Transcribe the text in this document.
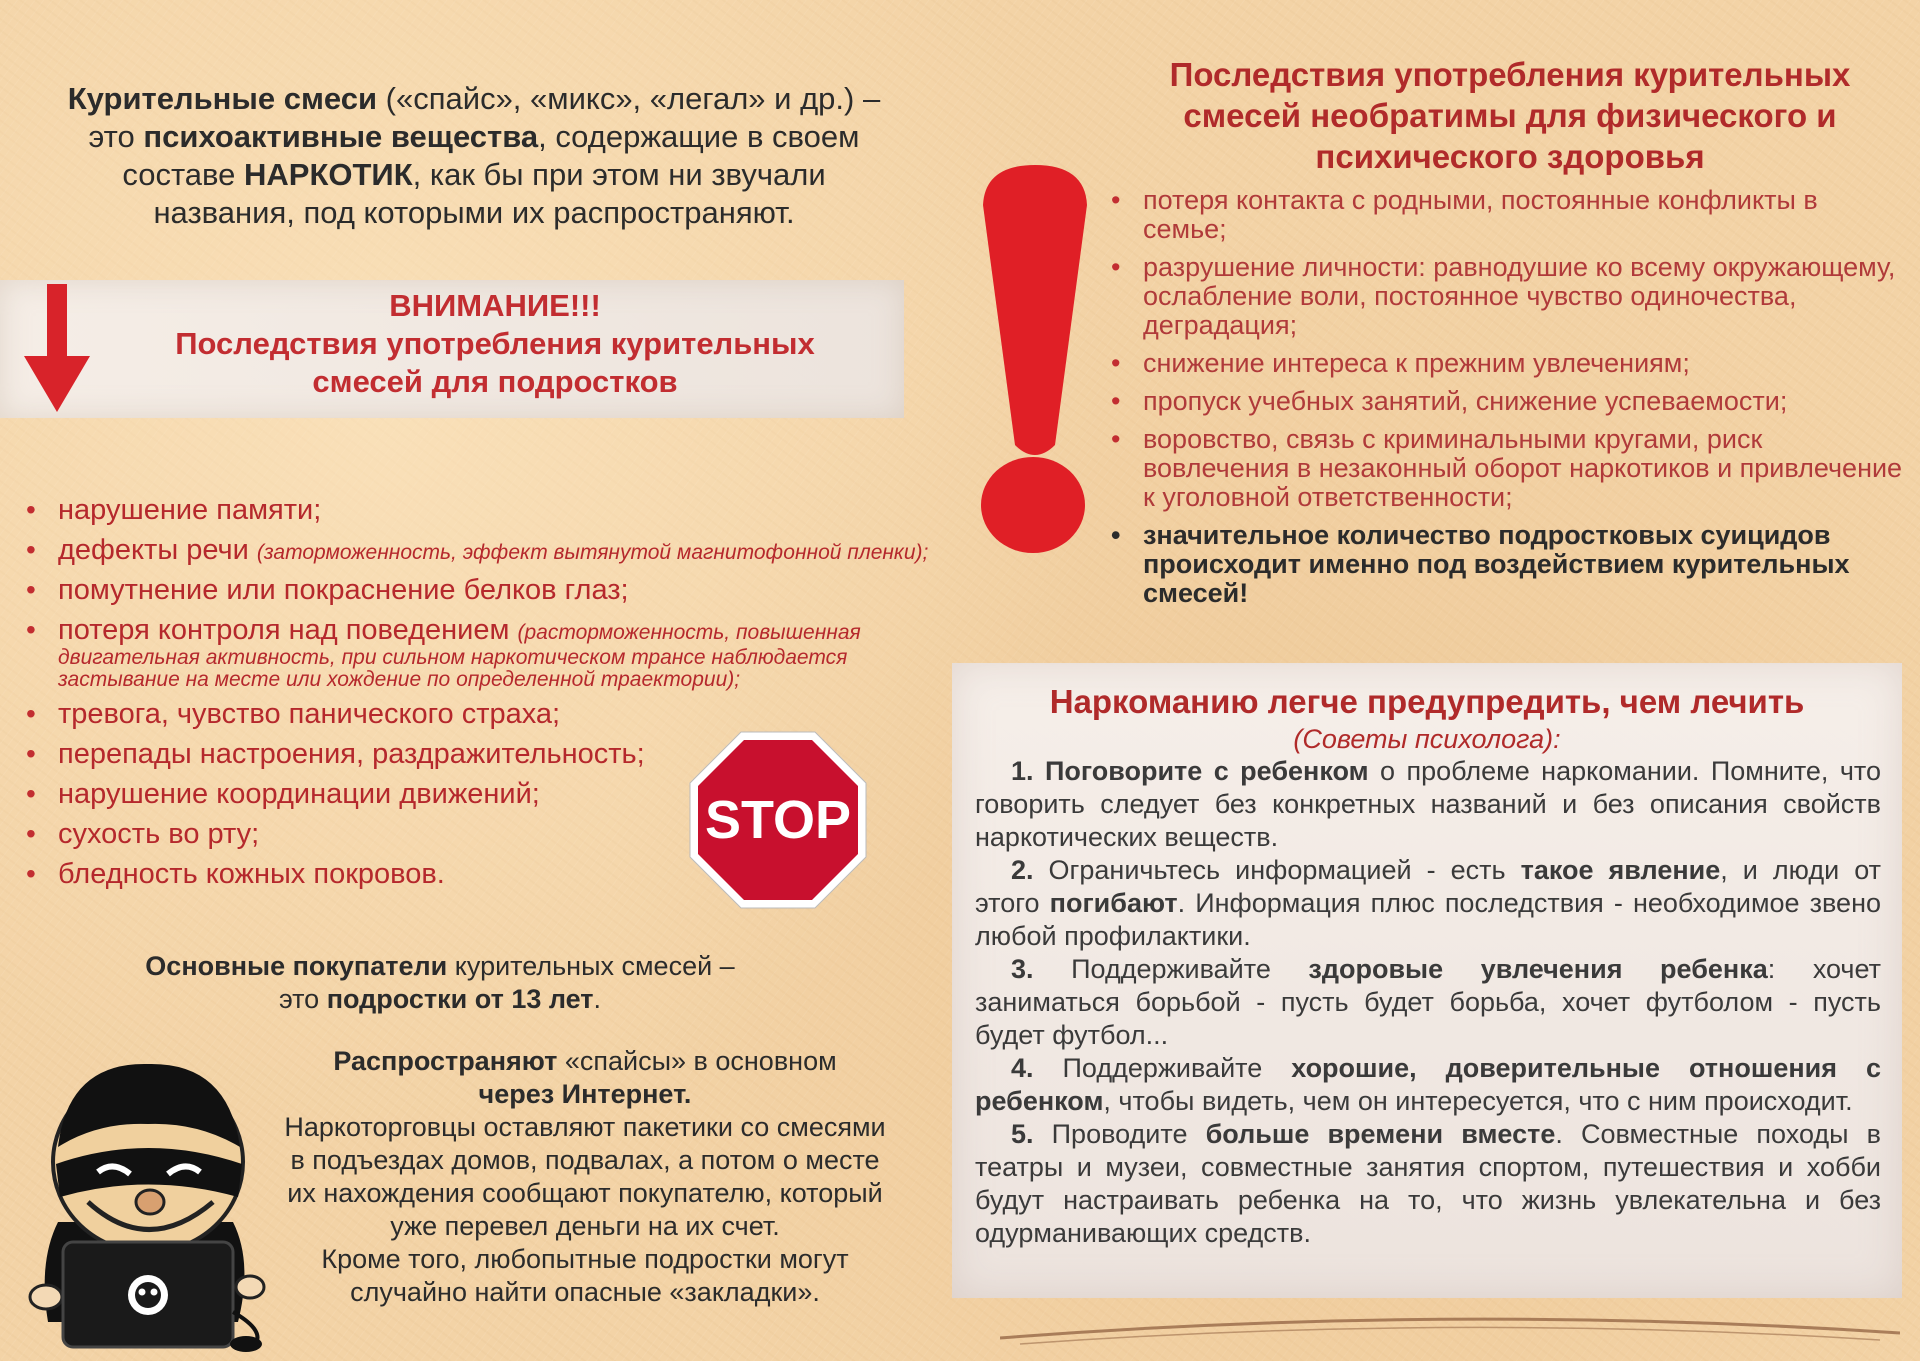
Курительные смеси («спайс», «микс», «легал» и др.) –
это психоактивные вещества, содержащие в своем
составе НАРКОТИК, как бы при этом ни звучали
названия, под которыми их распространяют.
ВНИМАНИЕ!!!
Последствия употребления курительных
смесей для подростков
• нарушение памяти;
• дефекты речи (заторможенность, эффект вытянутой магнитофонной пленки);
• помутнение или покраснение белков глаз;
• потеря контроля над поведением (расторможенность, повышенная двигательная активность, при сильном наркотическом трансе наблюдается застывание на месте или хождение по определенной траектории);
• тревога, чувство панического страха;
• перепады настроения, раздражительность;
• нарушение координации движений;
• сухость во рту;
• бледность кожных покровов.
STOP
Основные покупатели курительных смесей –
это подростки от 13 лет.
Распространяют «спайсы» в основном
через Интернет.
Наркоторговцы оставляют пакетики со смесями в подъездах домов, подвалах, а потом о месте их нахождения сообщают покупателю, который уже перевел деньги на их счет.
Кроме того, любопытные подростки могут случайно найти опасные «закладки».
Последствия употребления курительных
смесей необратимы для физического и
психического здоровья
• потеря контакта с родными, постоянные конфликты в семье;
• разрушение личности: равнодушие ко всему окружающему, ослабление воли, постоянное чувство одиночества, деградация;
• снижение интереса к прежним увлечениям;
• пропуск учебных занятий, снижение успеваемости;
• воровство, связь с криминальными кругами, риск вовлечения в незаконный оборот наркотиков и привлечение к уголовной ответственности;
• значительное количество подростковых суицидов происходит именно под воздействием курительных смесей!
Наркоманию легче предупредить, чем лечить
(Советы психолога):

1. Поговорите с ребенком о проблеме наркомании. Помните, что говорить следует без конкретных названий и без описания свойств наркотических веществ.

2. Ограничьтесь информацией - есть такое явление, и люди от этого погибают. Информация плюс последствия - необходимое звено любой профилактики.

3. Поддерживайте здоровые увлечения ребенка: хочет заниматься борьбой - пусть будет борьба, хочет футболом - пусть будет футбол...

4. Поддерживайте хорошие, доверительные отношения с ребенком, чтобы видеть, чем он интересуется, что с ним происходит.

5. Проводите больше времени вместе. Совместные походы в театры и музеи, совместные занятия спортом, путешествия и хобби будут настраивать ребенка на то, что жизнь увлекательна и без одурманивающих средств.
